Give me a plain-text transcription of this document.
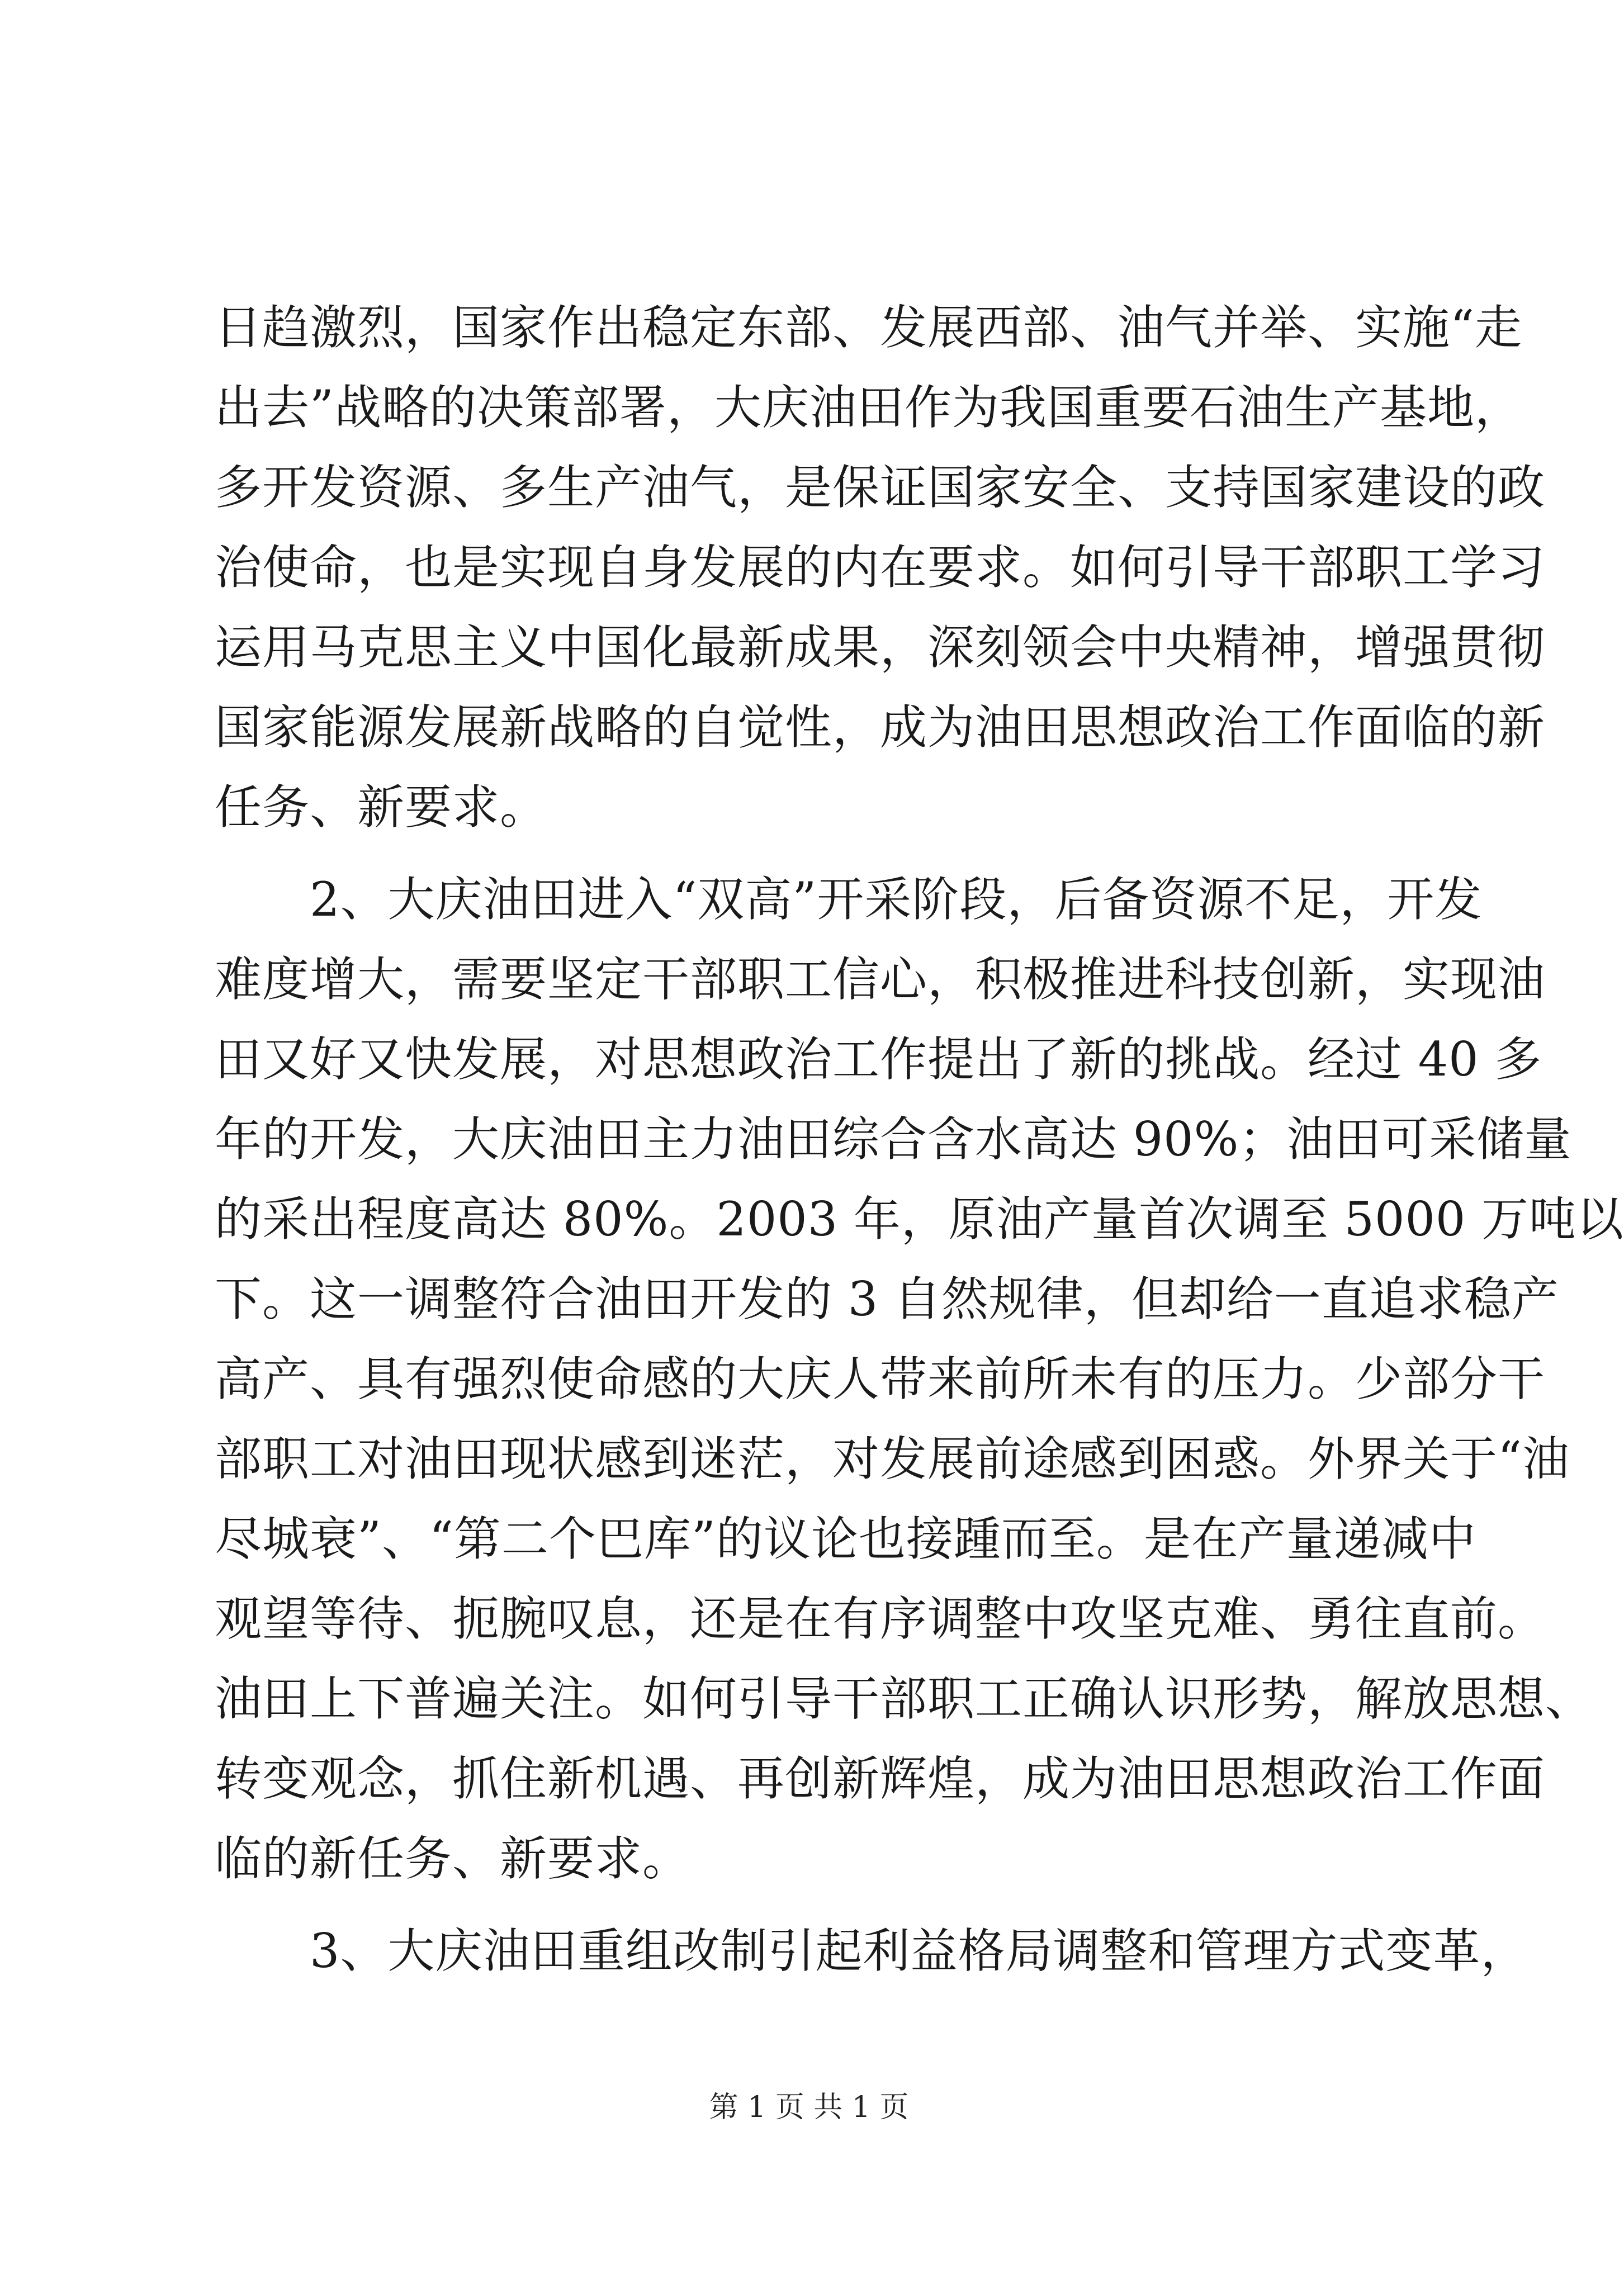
日趋激烈，国家作出稳定东部、发展西部、油气并举、实施“走
出去”战略的决策部署，大庆油田作为我国重要石油生产基地，
多开发资源、多生产油气，是保证国家安全、支持国家建设的政
治使命，也是实现自身发展的内在要求。如何引导干部职工学习
运用马克思主义中国化最新成果，深刻领会中央精神，增强贯彻
国家能源发展新战略的自觉性，成为油田思想政治工作面临的新
任务、新要求。
2、大庆油田进入“双高”开采阶段，后备资源不足，开发
难度增大，需要坚定干部职工信心，积极推进科技创新，实现油
田又好又快发展，对思想政治工作提出了新的挑战。经过 40 多
年的开发，大庆油田主力油田综合含水高达 90%；油田可采储量
的采出程度高达 80%。2003 年，原油产量首次调至 5000 万吨以
下。这一调整符合油田开发的 3 自然规律，但却给一直追求稳产
高产、具有强烈使命感的大庆人带来前所未有的压力。少部分干
部职工对油田现状感到迷茫，对发展前途感到困惑。外界关于“油
尽城衰”、“第二个巴库”的议论也接踵而至。是在产量递减中
观望等待、扼腕叹息，还是在有序调整中攻坚克难、勇往直前。
油田上下普遍关注。如何引导干部职工正确认识形势，解放思想、
转变观念，抓住新机遇、再创新辉煌，成为油田思想政治工作面
临的新任务、新要求。
3、大庆油田重组改制引起利益格局调整和管理方式变革，
第 1 页 共 1 页
